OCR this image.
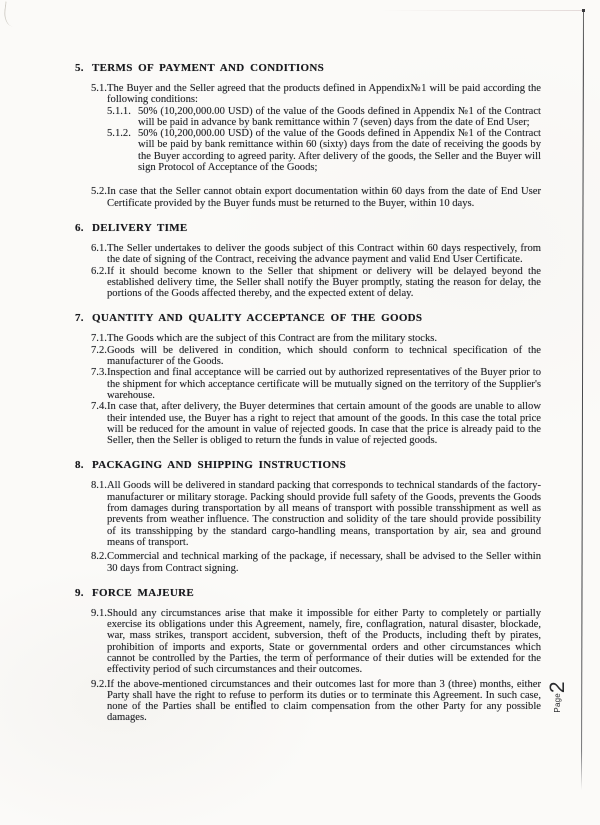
5. TERMS OF PAYMENT AND CONDITIONS
5.1. The Buyer and the Seller agreed that the products defined in Appendix№1 will be paid according the following conditions:
5.1.1. 50% (10,200,000.00 USD) of the value of the Goods defined in Appendix №1 of the Contract will be paid in advance by bank remittance within 7 (seven) days from the date of End User;
5.1.2. 50% (10,200,000.00 USD) of the value of the Goods defined in Appendix №1 of the Contract will be paid by bank remittance within 60 (sixty) days from the date of receiving the goods by the Buyer according to agreed parity. After delivery of the goods, the Seller and the Buyer will sign Protocol of Acceptance of the Goods;
5.2. In case that the Seller cannot obtain export documentation within 60 days from the date of End User Certificate provided by the Buyer funds must be returned to the Buyer, within 10 days.
6. DELIVERY TIME
6.1. The Seller undertakes to deliver the goods subject of this Contract within 60 days respectively, from the date of signing of the Contract, receiving the advance payment and valid End User Certificate.
6.2. If it should become known to the Seller that shipment or delivery will be delayed beyond the established delivery time, the Seller shall notify the Buyer promptly, stating the reason for delay, the portions of the Goods affected thereby, and the expected extent of delay.
7. QUANTITY AND QUALITY ACCEPTANCE OF THE GOODS
7.1. The Goods which are the subject of this Contract are from the military stocks.
7.2. Goods will be delivered in condition, which should conform to technical specification of the manufacturer of the Goods.
7.3. Inspection and final acceptance will be carried out by authorized representatives of the Buyer prior to the shipment for which acceptance certificate will be mutually signed on the territory of the Supplier's warehouse.
7.4. In case that, after delivery, the Buyer determines that certain amount of the goods are unable to allow their intended use, the Buyer has a right to reject that amount of the goods. In this case the total price will be reduced for the amount in value of rejected goods. In case that the price is already paid to the Seller, then the Seller is obliged to return the funds in value of rejected goods.
8. PACKAGING AND SHIPPING INSTRUCTIONS
8.1. All Goods will be delivered in standard packing that corresponds to technical standards of the factory-manufacturer or military storage. Packing should provide full safety of the Goods, prevents the Goods from damages during transportation by all means of transport with possible transshipment as well as prevents from weather influence. The construction and solidity of the tare should provide possibility of its transshipping by the standard cargo-handling means, transportation by air, sea and ground means of transport.
8.2. Commercial and technical marking of the package, if necessary, shall be advised to the Seller within 30 days from Contract signing.
9. FORCE MAJEURE
9.1. Should any circumstances arise that make it impossible for either Party to completely or partially exercise its obligations under this Agreement, namely, fire, conflagration, natural disaster, blockade, war, mass strikes, transport accident, subversion, theft of the Products, including theft by pirates, prohibition of imports and exports, State or governmental orders and other circumstances which cannot be controlled by the Parties, the term of performance of their duties will be extended for the effectivity period of such circumstances and their outcomes.
9.2. If the above-mentioned circumstances and their outcomes last for more than 3 (three) months, either Party shall have the right to refuse to perform its duties or to terminate this Agreement. In such case, none of the Parties shall be entitled to claim compensation from the other Party for any possible damages.
Page
2
